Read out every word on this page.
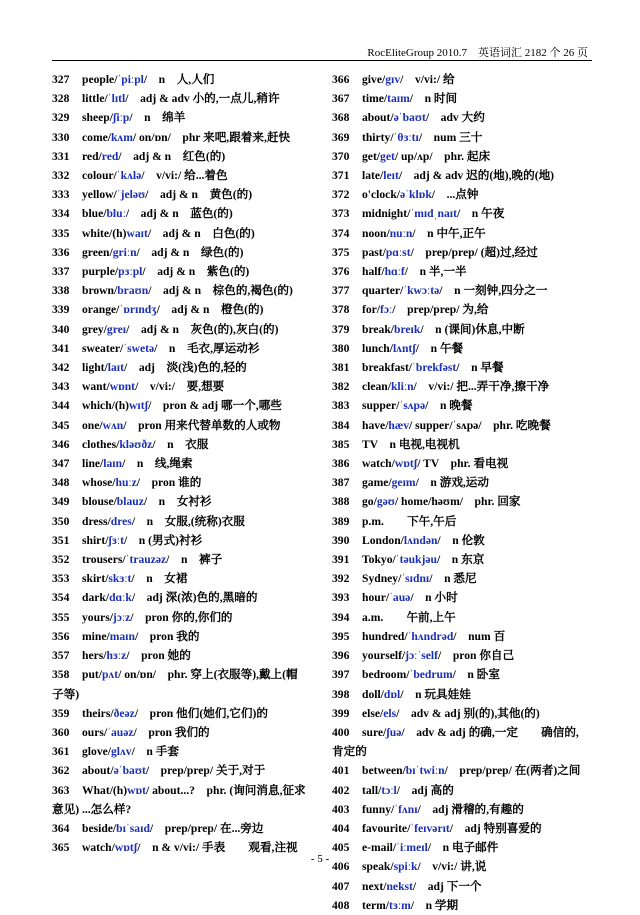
RocEliteGroup 2010.7　英语词汇 2182 个 26 页

327 people/ˈpiːpl/　n　人,人们

328 little/ˈlɪtl/　adj & adv 小的,一点儿,稍许

329 sheep/ʃiːp/　n　绵羊

330 come/kʌm/ on/ɒn/　phr 来吧,跟着来,赶快

331 red/red/　adj & n　红色(的)

332 colour/ˈkʌlə/　v/vi:/ 给...着色

333 yellow/ˈjeləʊ/　adj & n　黄色(的)

334 blue/bluː/　adj & n　蓝色(的)

335 white/(h)waɪt/　adj & n　白色(的)

336 green/griːn/　adj & n　绿色(的)

337 purple/pɜːpl/　adj & n　紫色(的)

338 brown/braʊn/　adj & n　棕色的,褐色(的)

339 orange/ˈɒrɪndʒ/　adj & n　橙色(的)

340 grey/greɪ/　adj & n　灰色(的),灰白(的)

341 sweater/ˈswetə/　n　毛衣,厚运动衫

342 light/laɪt/　adj　淡(浅)色的,轻的

343 want/wɒnt/　v/vi:/　要,想要

344 which/(h)wɪtʃ/　pron & adj 哪一个,哪些

345 one/wʌn/　pron 用来代替单数的人或物

346 clothes/kləʊðz/　n　衣服

347 line/laɪn/　n　线,绳索

348 whose/huːz/　pron 谁的

349 blouse/blauz/　n　女衬衫

350 dress/dres/　n　女服,(统称)衣服

351 shirt/ʃɜːt/　n (男式)衬衫

352 trousers/ˈtrauzəz/　n　裤子

353 skirt/skɜːt/　n　女裙

354 dark/dɑːk/　adj 深(浓)色的,黑暗的

355 yours/jɔːz/　pron 你的,你们的

356 mine/maɪn/　pron 我的

357 hers/hɜːz/　pron 她的

358 put/pʌt/ on/ɒn/　phr. 穿上(衣服等),戴上(帽子等)

359 theirs/ðeəz/　pron 他们(她们,它们)的

360 ours/ˈauəz/　pron 我们的

361 glove/glʌv/　n 手套

362 about/əˈbaʊt/　prep/prep/ 关于,对于

363 What/(h)wɒt/ about...?　phr. (询问消息,征求意见) ...怎么样?

364 beside/bɪˈsaɪd/　prep/prep/ 在...旁边

365 watch/wɒtʃ/　n & v/vi:/ 手表　　观看,注视

366 give/gɪv/　v/vi:/ 给

367 time/taɪm/　n 时间

368 about/əˈbaʊt/　adv 大约

369 thirty/ˈθɜːtɪ/　num 三十

370 get/get/ up/ʌp/　phr. 起床

371 late/leɪt/　adj & adv 迟的(地),晚的(地)

372 o'clock/əˈklɒk/　...点钟

373 midnight/ˈmɪdˌnaɪt/　n 午夜

374 noon/nuːn/　n 中午,正午

375 past/pɑːst/　prep/prep/ (超)过,经过

376 half/hɑːf/　n 半,一半

377 quarter/ˈkwɔːtə/　n 一刻钟,四分之一

378 for/fɔː/　prep/prep/ 为,给

379 break/breɪk/　n (课间)休息,中断

380 lunch/lʌntʃ/　n 午餐

381 breakfast/ˈbrekfəst/　n 早餐

382 clean/kliːn/　v/vi:/ 把...弄干净,擦干净

383 supper/ˈsʌpə/　n 晚餐

384 have/hæv/ supper/ˈsʌpə/　phr. 吃晚餐

385 TV　n 电视,电视机

386 watch/wɒtʃ/ TV　phr. 看电视

387 game/geɪm/　n 游戏,运动

388 go/gəʊ/ home/həʊm/　phr. 回家

389 p.m.　　下午,午后

390 London/lʌndən/　n 伦敦

391 Tokyo/ˈtəukjəu/　n 东京

392 Sydney/ˈsɪdnɪ/　n 悉尼

393 hour/ˈauə/　n 小时

394 a.m.　　午前,上午

395 hundred/ˈhʌndrəd/　num 百

396 yourself/jɔːˈself/　pron 你自己

397 bedroom/ˈbedrum/　n 卧室

398 doll/dɒl/　n 玩具娃娃

399 else/els/　adv & adj 别(的),其他(的)

400 sure/ʃuə/　adv & adj 的确,一定　　确信的,肯定的

401 between/bɪˈtwiːn/　prep/prep/ 在(两者)之间

402 tall/tɔːl/　adj 高的

403 funny/ˈfʌnɪ/　adj 滑稽的,有趣的

404 favourite/ˈfeɪvərɪt/　adj 特别喜爱的

405 e-mail/ˈiːmeɪl/　n 电子邮件

406 speak/spiːk/　v/vi:/ 讲,说

407 next/nekst/　adj 下一个

408 term/tɜːm/　n 学期

- 5 -
